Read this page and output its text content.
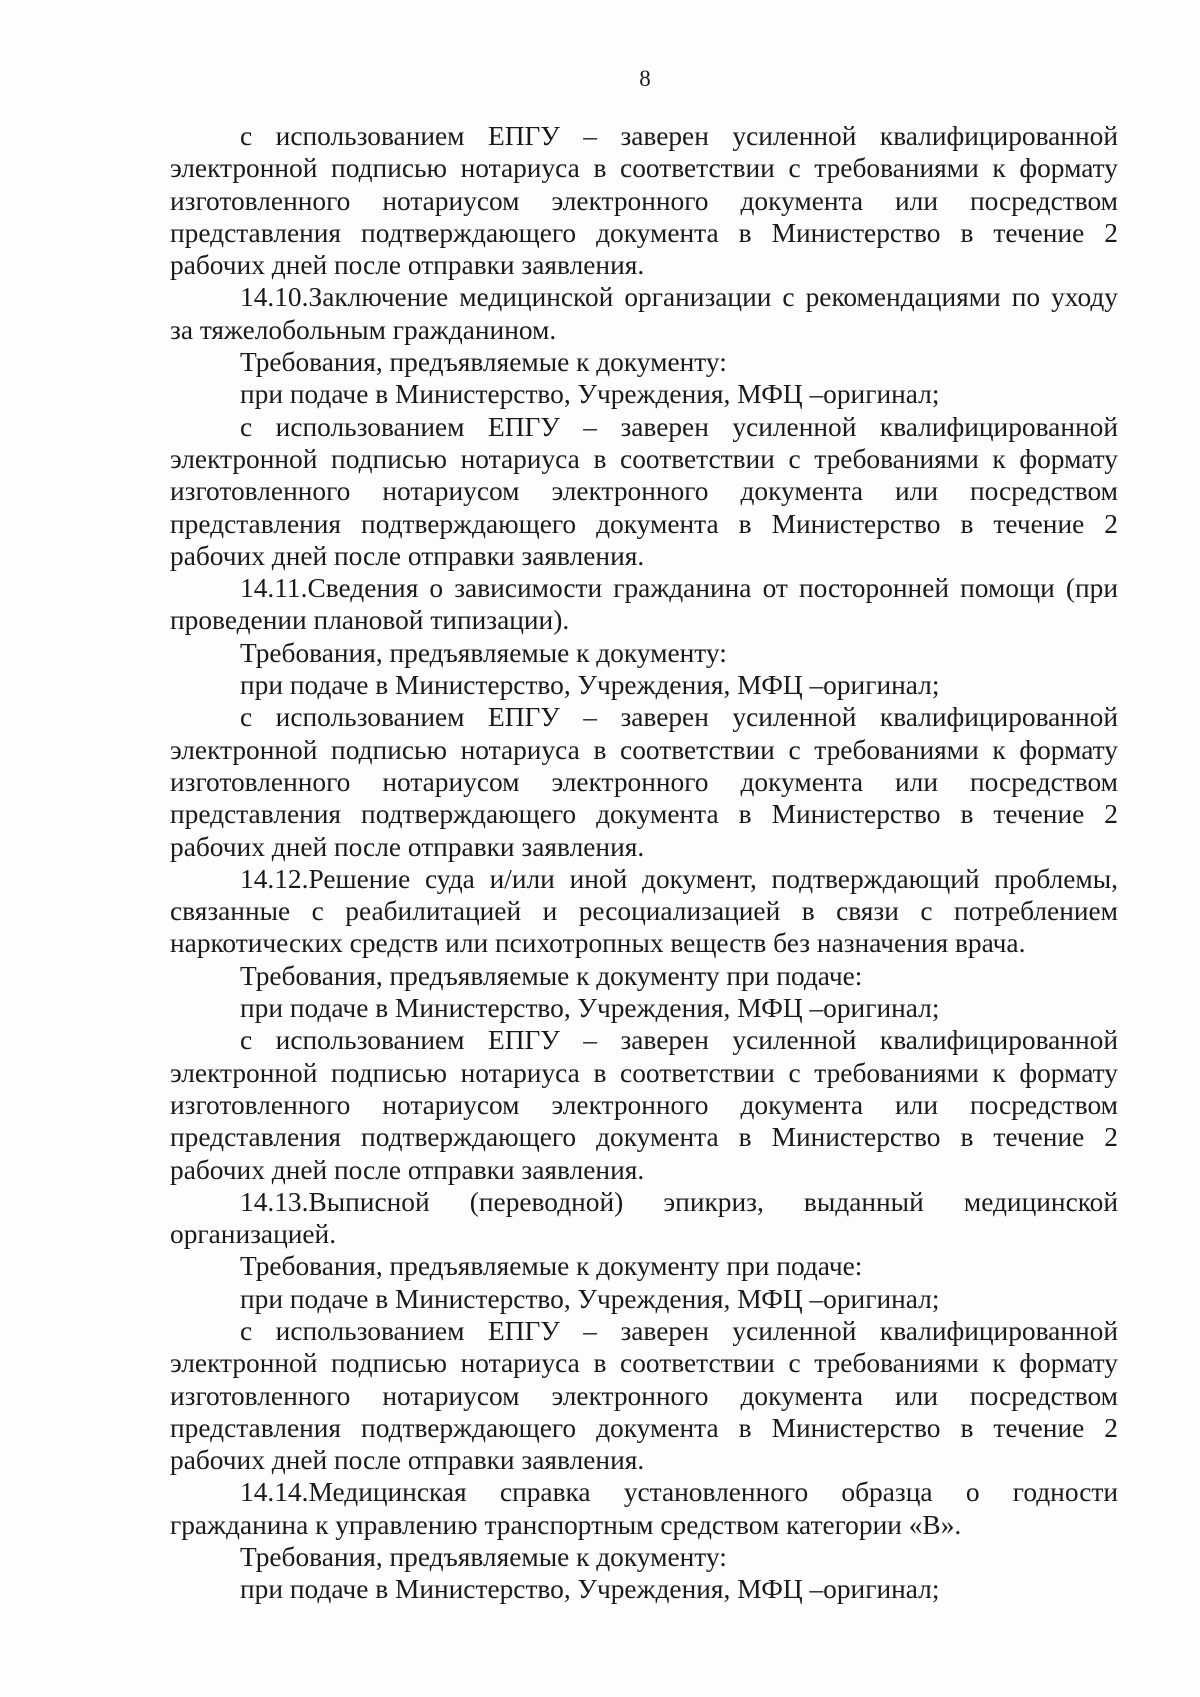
8

с использованием ЕПГУ – заверен усиленной квалифицированной электронной подписью нотариуса в соответствии с требованиями к формату изготовленного нотариусом электронного документа или посредством представления подтверждающего документа в Министерство в течение 2 рабочих дней после отправки заявления.

14.10.Заключение медицинской организации с рекомендациями по уходу за тяжелобольным гражданином.

Требования, предъявляемые к документу:

при подаче в Министерство, Учреждения, МФЦ –оригинал;

с использованием ЕПГУ – заверен усиленной квалифицированной электронной подписью нотариуса в соответствии с требованиями к формату изготовленного нотариусом электронного документа или посредством представления подтверждающего документа в Министерство в течение 2 рабочих дней после отправки заявления.

14.11.Сведения о зависимости гражданина от посторонней помощи (при проведении плановой типизации).

Требования, предъявляемые к документу:

при подаче в Министерство, Учреждения, МФЦ –оригинал;

с использованием ЕПГУ – заверен усиленной квалифицированной электронной подписью нотариуса в соответствии с требованиями к формату изготовленного нотариусом электронного документа или посредством представления подтверждающего документа в Министерство в течение 2 рабочих дней после отправки заявления.

14.12.Решение суда и/или иной документ, подтверждающий проблемы, связанные с реабилитацией и ресоциализацией в связи с потреблением наркотических средств или психотропных веществ без назначения врача.

Требования, предъявляемые к документу при подаче:

при подаче в Министерство, Учреждения, МФЦ –оригинал;

с использованием ЕПГУ – заверен усиленной квалифицированной электронной подписью нотариуса в соответствии с требованиями к формату изготовленного нотариусом электронного документа или посредством представления подтверждающего документа в Министерство в течение 2 рабочих дней после отправки заявления.

14.13.Выписной (переводной) эпикриз, выданный медицинской организацией.

Требования, предъявляемые к документу при подаче:

при подаче в Министерство, Учреждения, МФЦ –оригинал;

с использованием ЕПГУ – заверен усиленной квалифицированной электронной подписью нотариуса в соответствии с требованиями к формату изготовленного нотариусом электронного документа или посредством представления подтверждающего документа в Министерство в течение 2 рабочих дней после отправки заявления.

14.14.Медицинская справка установленного образца о годности гражданина к управлению транспортным средством категории «В».

Требования, предъявляемые к документу:

при подаче в Министерство, Учреждения, МФЦ –оригинал;
